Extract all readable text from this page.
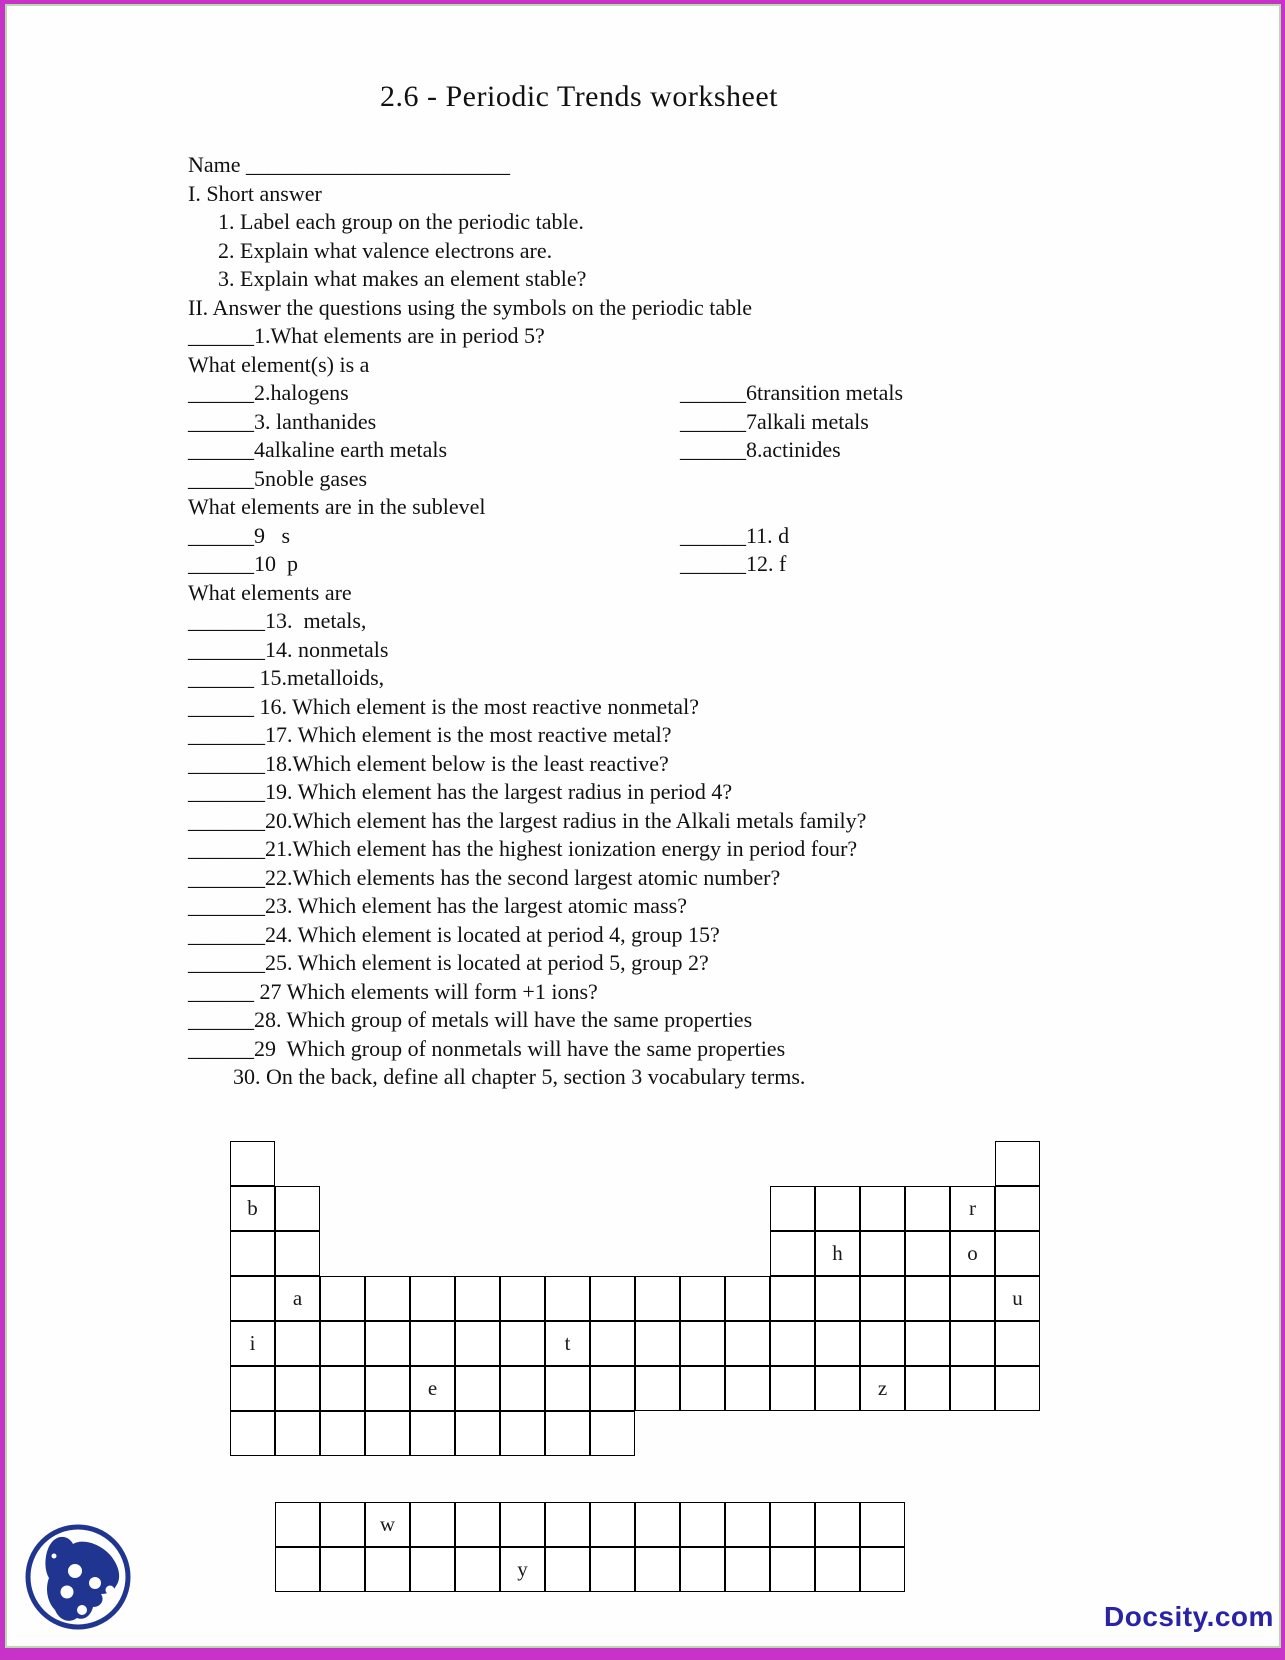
2.6 - Periodic Trends worksheet
Name ________________________
I. Short answer
1. Label each group on the periodic table.
2. Explain what valence electrons are.
3. Explain what makes an element stable?
II. Answer the questions using the symbols on the periodic table
______1.What elements are in period 5?
What element(s) is a
______2.halogens	______6transition metals
______3. lanthanides	______7alkali metals
______4alkaline earth metals	______8.actinides
______5noble gases
What elements are in the sublevel
______9   s	______11. d
______10  p	______12. f
What elements are
_______13.  metals,
_______14. nonmetals
______ 15.metalloids,
______ 16. Which element is the most reactive nonmetal?
_______17. Which element is the most reactive metal?
_______18.Which element below is the least reactive?
_______19. Which element has the largest radius in period 4?
_______20.Which element has the largest radius in the Alkali metals family?
_______21.Which element has the highest ionization energy in period four?
_______22.Which elements has the second largest atomic number?
_______23. Which element has the largest atomic mass?
_______24. Which element is located at period 4, group 15?
_______25. Which element is located at period 5, group 2?
______ 27 Which elements will form +1 ions?
______28. Which group of metals will have the same properties
______29  Which group of nonmetals will have the same properties
30. On the back, define all chapter 5, section 3 vocabulary terms.
b	r
h	o
a	u
i	t
e	z
w
y
Docsity.com
